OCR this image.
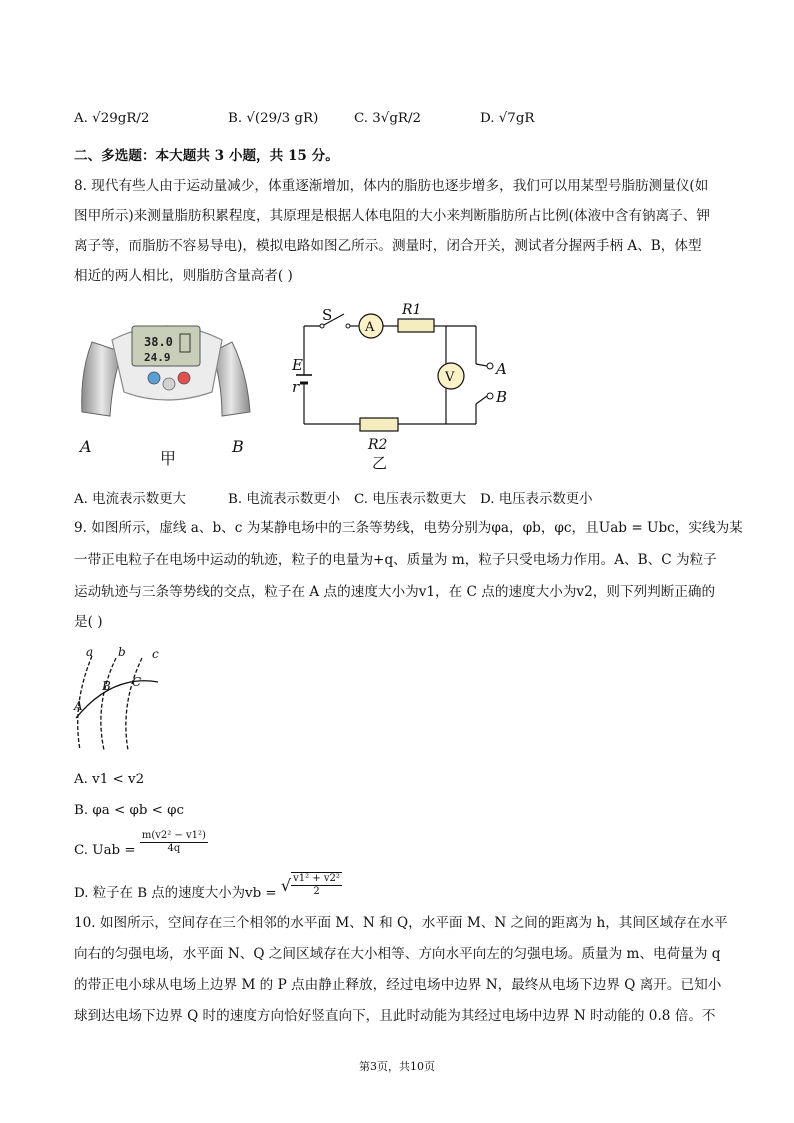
A. √29gR/2	B. √(29/3 gR)	C. 3√gR/2	D. √7gR
二、多选题：本大题共 3 小题，共 15 分。
8. 现代有些人由于运动量减少，体重逐渐增加，体内的脂肪也逐步增多，我们可以用某型号脂肪测量仪(如
图甲所示)来测量脂肪积累程度，其原理是根据人体电阻的大小来判断脂肪所占比例(体液中含有钠离子、钾
离子等，而脂肪不容易导电)，模拟电路如图乙所示。测量时，闭合开关，测试者分握两手柄 A、B，体型
相近的两人相比，则脂肪含量高者( )
38.0
24.9
A
甲
B
S
A
R1
E
r
V	A
B
R2
乙
A. 电流表示数更大	B. 电流表示数更小 C. 电压表示数更大 D. 电压表示数更小
9. 如图所示，虚线 a、b、c 为某静电场中的三条等势线，电势分别为φa，φb，φc，且Uab = Ubc，实线为某
一带正电粒子在电场中运动的轨迹，粒子的电量为+q、质量为 m，粒子只受电场力作用。A、B、C 为粒子
运动轨迹与三条等势线的交点，粒子在 A 点的速度大小为v1，在 C 点的速度大小为v2，则下列判断正确的
是( )
a b c
A
B C
A. v1 < v2
B. φa < φb < φc
C. Uab = $\frac{\text{m(v2² − v1²)}}{4q}$
D. 粒子在 B 点的速度大小为vb = √ $\frac{\text{v1² + v2²}}{2}$
10. 如图所示，空间存在三个相邻的水平面 M、N 和 Q，水平面 M、N 之间的距离为 h，其间区域存在水平
向右的匀强电场，水平面 N、Q 之间区域存在大小相等、方向水平向左的匀强电场。质量为 m、电荷量为 q
的带正电小球从电场上边界 M 的 P 点由静止释放，经过电场中边界 N，最终从电场下边界 Q 离开。已知小
球到达电场下边界 Q 时的速度方向恰好竖直向下，且此时动能为其经过电场中边界 N 时动能的 0.8 倍。不
第3页，共10页
